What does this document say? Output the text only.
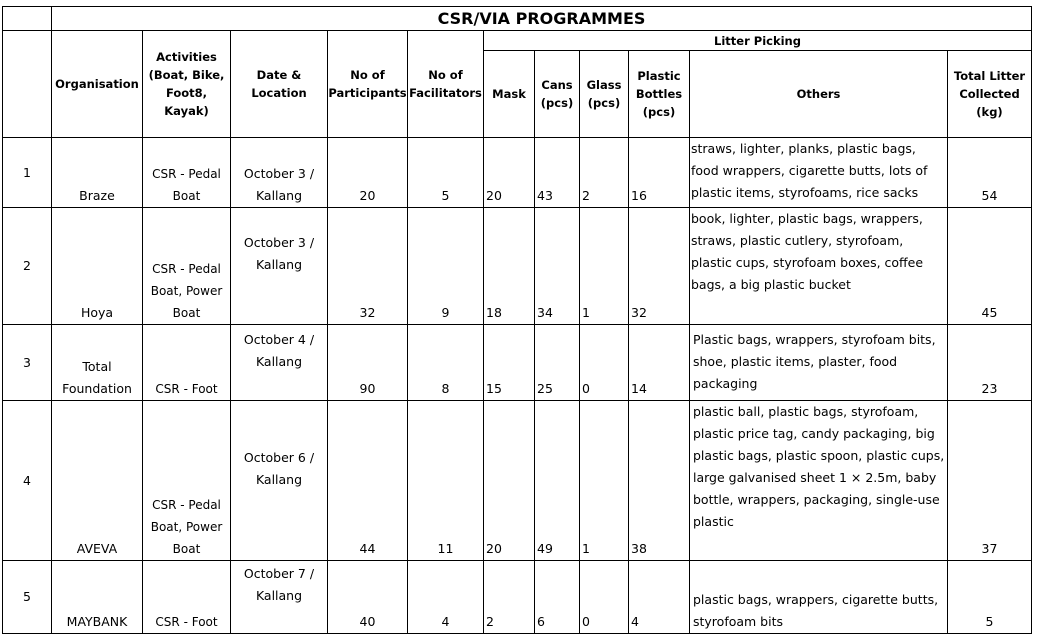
	CSR/VIA PROGRAMMES										
	Organisation	Activities (Boat, Bike, Foot8, Kayak)	Date & Location	No of Participants	No of Facilitators	Litter Picking					
						Mask	Cans (pcs)	Glass (pcs)	Plastic Bottles (pcs)	Others	Total Litter Collected (kg)
1	Braze	CSR - Pedal Boat	October 3 / Kallang	20	5	20	43	2	16	straws, lighter, planks, plastic bags, food wrappers, cigarette butts, lots of plastic items, styrofoams, rice sacks	54
2	Hoya	CSR - Pedal Boat, Power Boat	October 3 / Kallang	32	9	18	34	1	32	book, lighter, plastic bags, wrappers, straws, plastic cutlery, styrofoam, plastic cups, styrofoam boxes, coffee bags, a big plastic bucket	45
3	Total Foundation	CSR - Foot	October 4 / Kallang	90	8	15	25	0	14	Plastic bags, wrappers, styrofoam bits, shoe, plastic items, plaster, food packaging	23
4	AVEVA	CSR - Pedal Boat, Power Boat	October 6 / Kallang	44	11	20	49	1	38	plastic ball, plastic bags, styrofoam, plastic price tag, candy packaging, big plastic bags, plastic spoon, plastic cups, large galvanised sheet 1 × 2.5m, baby bottle, wrappers, packaging, single-use plastic	37
5	MAYBANK	CSR - Foot	October 7 / Kallang	40	4	2	6	0	4	plastic bags, wrappers, cigarette butts, styrofoam bits	5
